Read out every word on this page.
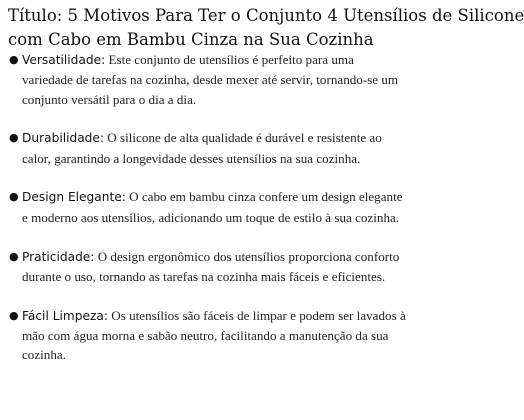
Título: 5 Motivos Para Ter o Conjunto 4 Utensílios de Silicone
com Cabo em Bambu Cinza na Sua Cozinha
● Versatilidade: Este conjunto de utensílios é perfeito para uma variedade de tarefas na cozinha, desde mexer até servir, tornando-se um conjunto versátil para o dia a dia.
● Durabilidade: O silicone de alta qualidade é durável e resistente ao calor, garantindo a longevidade desses utensílios na sua cozinha.
● Design Elegante: O cabo em bambu cinza confere um design elegante e moderno aos utensílios, adicionando um toque de estilo à sua cozinha.
● Praticidade: O design ergonômico dos utensílios proporciona conforto durante o uso, tornando as tarefas na cozinha mais fáceis e eficientes.
● Fácil Limpeza: Os utensílios são fáceis de limpar e podem ser lavados à mão com água morna e sabão neutro, facilitando a manutenção da sua cozinha.
